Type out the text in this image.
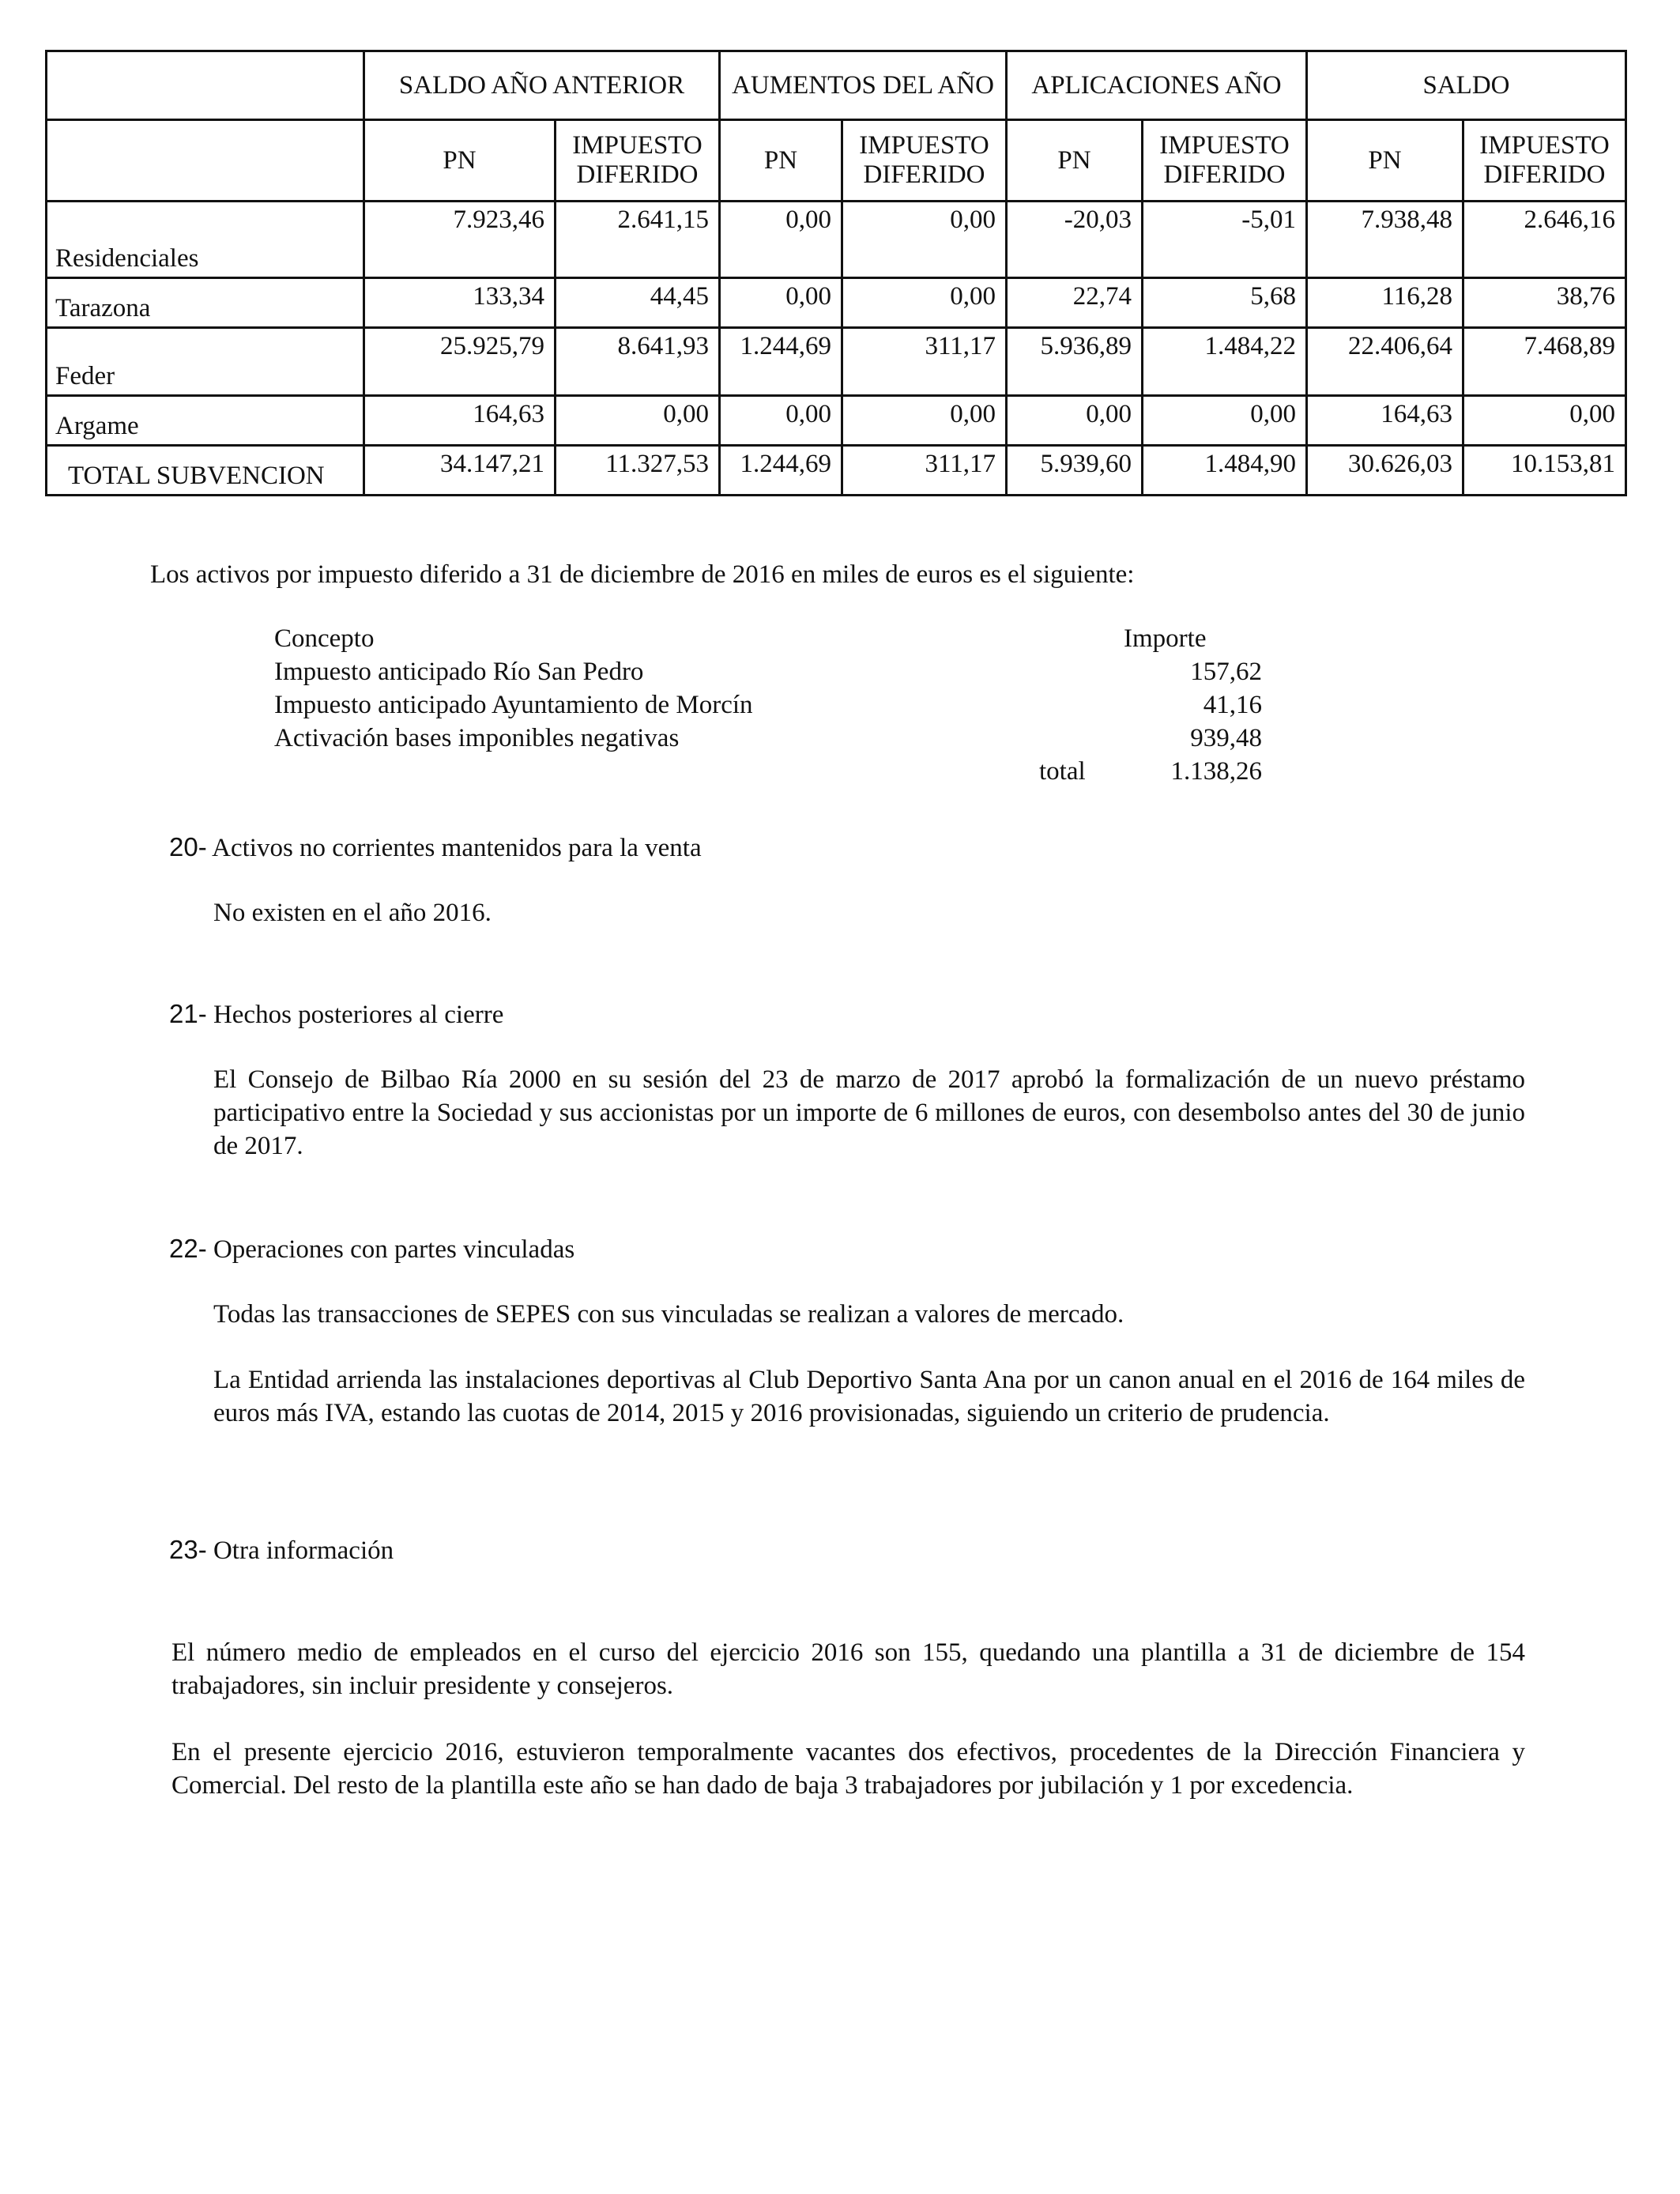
	SALDO AÑO ANTERIOR		AUMENTOS DEL AÑO		APLICACIONES AÑO		SALDO	
	PN	IMPUESTO DIFERIDO	PN	IMPUESTO DIFERIDO	PN	IMPUESTO DIFERIDO	PN	IMPUESTO DIFERIDO
Residenciales	7.923,46	2.641,15	0,00	0,00	-20,03	-5,01	7.938,48	2.646,16
Tarazona	133,34	44,45	0,00	0,00	22,74	5,68	116,28	38,76
Feder	25.925,79	8.641,93	1.244,69	311,17	5.936,89	1.484,22	22.406,64	7.468,89
Argame	164,63	0,00	0,00	0,00	0,00	0,00	164,63	0,00
TOTAL SUBVENCION	34.147,21	11.327,53	1.244,69	311,17	5.939,60	1.484,90	30.626,03	10.153,81
Los activos por impuesto diferido a 31 de diciembre de 2016 en miles de euros es el siguiente:
Concepto	Importe
Impuesto anticipado Río San Pedro	157,62
Impuesto anticipado Ayuntamiento de Morcín	41,16
Activación bases imponibles negativas	939,48
total	1.138,26
20- Activos no corrientes mantenidos para la venta
No existen en el año 2016.
21- Hechos posteriores al cierre
El Consejo de Bilbao Ría 2000 en su sesión del 23 de marzo de 2017 aprobó la formalización de un nuevo préstamo participativo entre la Sociedad y sus accionistas por un importe de 6 millones de euros, con desembolso antes del 30 de junio de 2017.
22- Operaciones con partes vinculadas
Todas las transacciones de SEPES con sus vinculadas se realizan a valores de mercado.
La Entidad arrienda las instalaciones deportivas al Club Deportivo Santa Ana por un canon anual en el 2016 de 164 miles de euros más IVA, estando las cuotas de 2014, 2015 y 2016 provisionadas, siguiendo un criterio de prudencia.
23- Otra información
El número medio de empleados en el curso del ejercicio 2016 son 155, quedando una plantilla a 31 de diciembre de 154 trabajadores, sin incluir presidente y consejeros.
En el presente ejercicio 2016, estuvieron temporalmente vacantes dos efectivos, procedentes de la Dirección Financiera y Comercial. Del resto de la plantilla este año se han dado de baja 3 trabajadores por jubilación y 1 por excedencia.
